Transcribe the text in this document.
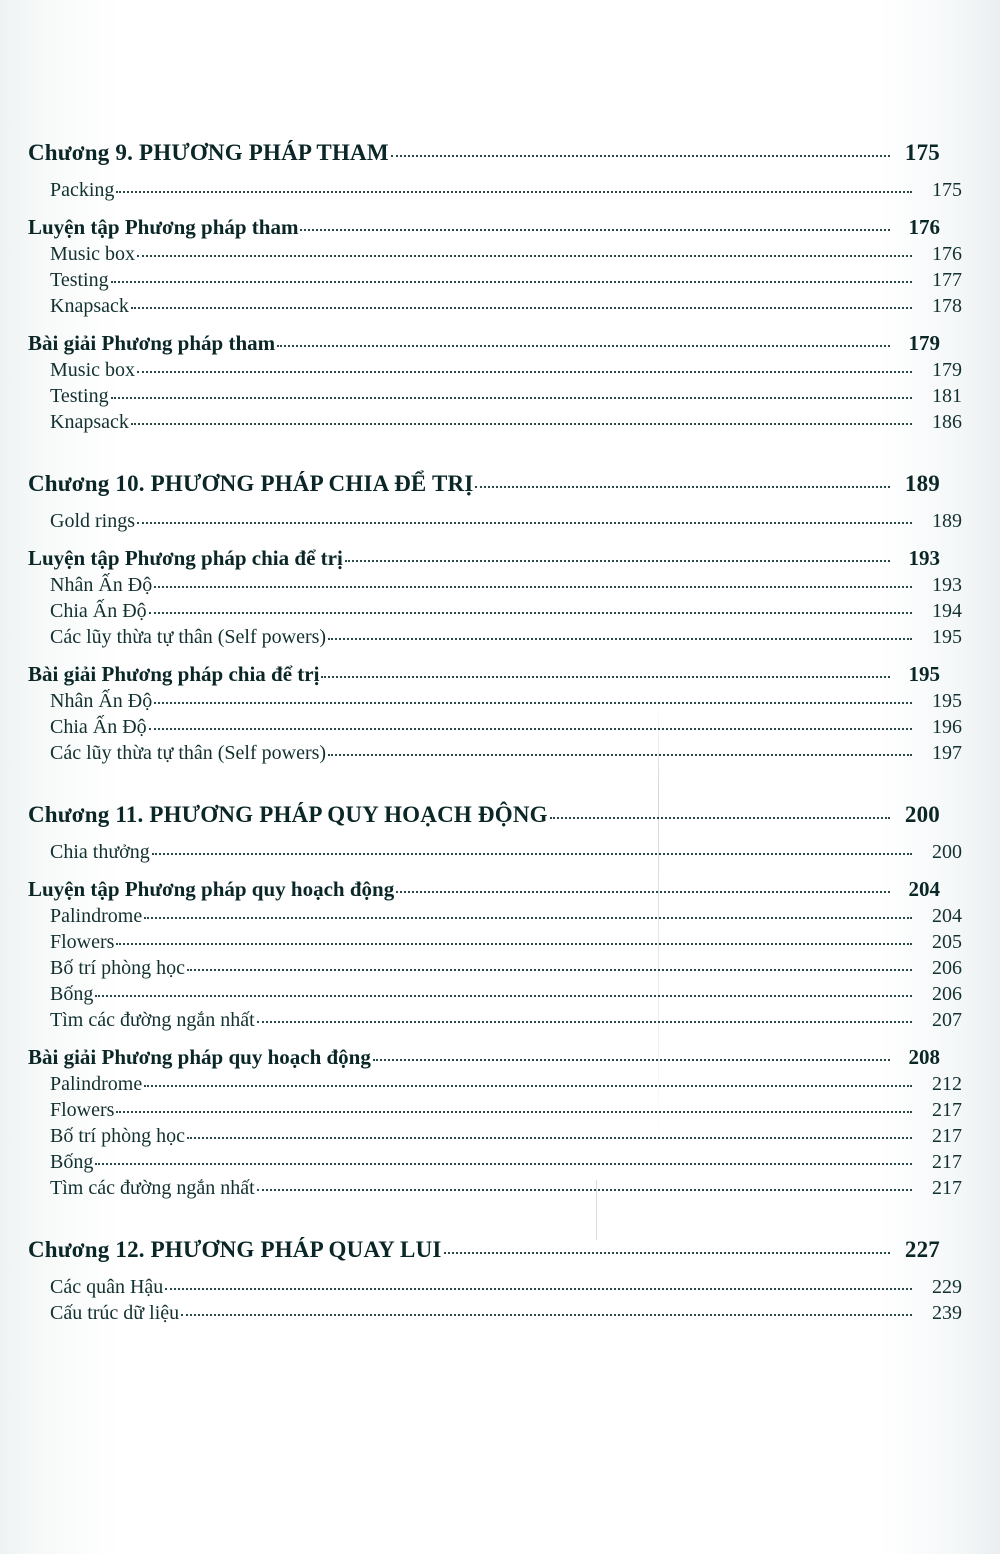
Chương 9. PHƯƠNG PHÁP THAM	175
Packing	175
Luyện tập Phương pháp tham	176
Music box	176
Testing	177
Knapsack	178
Bài giải Phương pháp tham	179
Music box	179
Testing	181
Knapsack	186
Chương 10. PHƯƠNG PHÁP CHIA ĐỂ TRỊ	189
Gold rings	189
Luyện tập Phương pháp chia để trị	193
Nhân Ấn Độ	193
Chia Ấn Độ	194
Các lũy thừa tự thân (Self powers)	195
Bài giải Phương pháp chia để trị	195
Nhân Ấn Độ	195
Chia Ấn Độ	196
Các lũy thừa tự thân (Self powers)	197
Chương 11. PHƯƠNG PHÁP QUY HOẠCH ĐỘNG	200
Chia thưởng	200
Luyện tập Phương pháp quy hoạch động	204
Palindrome	204
Flowers	205
Bố trí phòng học	206
Bống	206
Tìm các đường ngắn nhất	207
Bài giải Phương pháp quy hoạch động	208
Palindrome	212
Flowers	217
Bố trí phòng học	217
Bống	217
Tìm các đường ngắn nhất	217
Chương 12. PHƯƠNG PHÁP QUAY LUI	227
Các quân Hậu	229
Cấu trúc dữ liệu	239
